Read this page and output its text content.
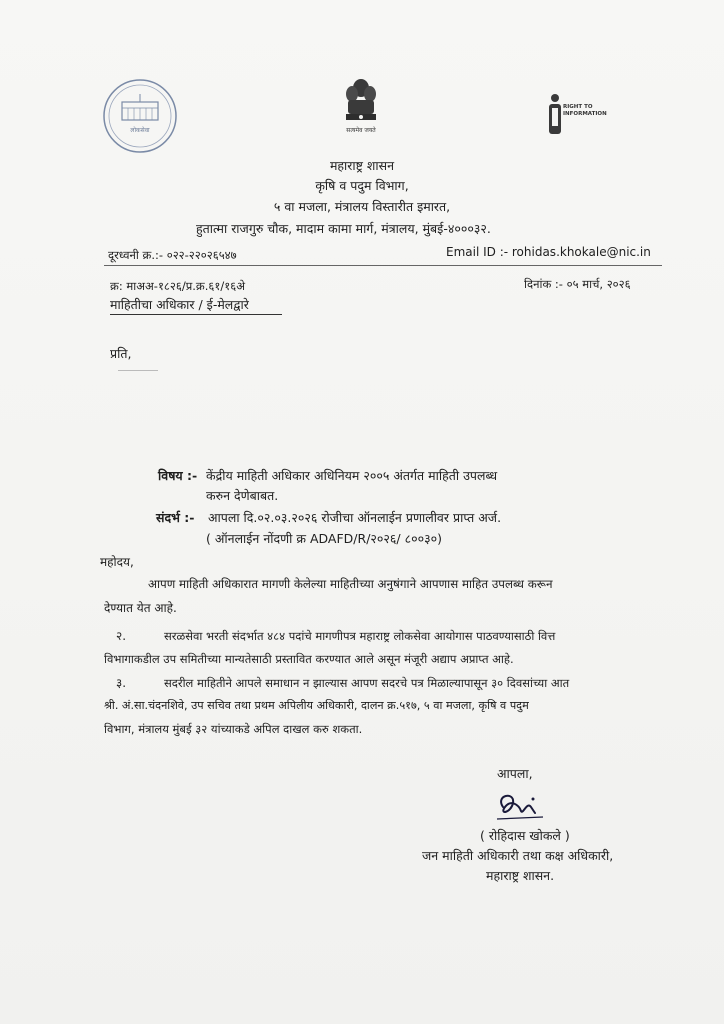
लोकसेवा	सत्यमेव जयते
RIGHT TO
INFORMATION
महाराष्ट्र शासन
कृषि व पदुम विभाग,
५ वा मजला, मंत्रालय विस्तारीत इमारत,
हुतात्मा राजगुरु चौक, मादाम कामा मार्ग, मंत्रालय, मुंबई-४०००३२.
दूरध्वनी क्र.:- ०२२-२२०२६५४७	Email ID :- rohidas.khokale@nic.in
क्र: माअअ-१८२६/प्र.क्र.६१/१६अे	दिनांक :- ०५ मार्च, २०२६
माहितीचा अधिकार / ई-मेलद्वारे
प्रति,
विषय :- केंद्रीय माहिती अधिकार अधिनियम २००५ अंतर्गत माहिती उपलब्ध
करुन देणेबाबत.
संदर्भ :- आपला दि.०२.०३.२०२६ रोजीचा ऑनलाईन प्रणालीवर प्राप्त अर्ज.
( ऑनलाईन नोंदणी क्र ADAFD/R/२०२६/ ८००३०)
महोदय,
आपण माहिती अधिकारात मागणी केलेल्या माहितीच्या अनुषंगाने आपणास माहित उपलब्ध करून
देण्यात येत आहे.
२.	सरळसेवा भरती संदर्भात ४८४ पदांचे मागणीपत्र महाराष्ट्र लोकसेवा आयोगास पाठवण्यासाठी वित्त
विभागाकडील उप समितीच्या मान्यतेसाठी प्रस्तावित करण्यात आले असून मंजूरी अद्याप अप्राप्त आहे.
३.	सदरील माहितीने आपले समाधान न झाल्यास आपण सदरचे पत्र मिळाल्यापासून ३० दिवसांच्या आत
श्री. अं.सा.चंदनशिवे, उप सचिव तथा प्रथम अपिलीय अधिकारी, दालन क्र.५१७, ५ वा मजला, कृषि व पदुम
विभाग, मंत्रालय मुंबई ३२ यांच्याकडे अपिल दाखल करु शकता.
आपला,
( रोहिदास खोकले )
जन माहिती अधिकारी तथा कक्ष अधिकारी,
महाराष्ट्र शासन.
